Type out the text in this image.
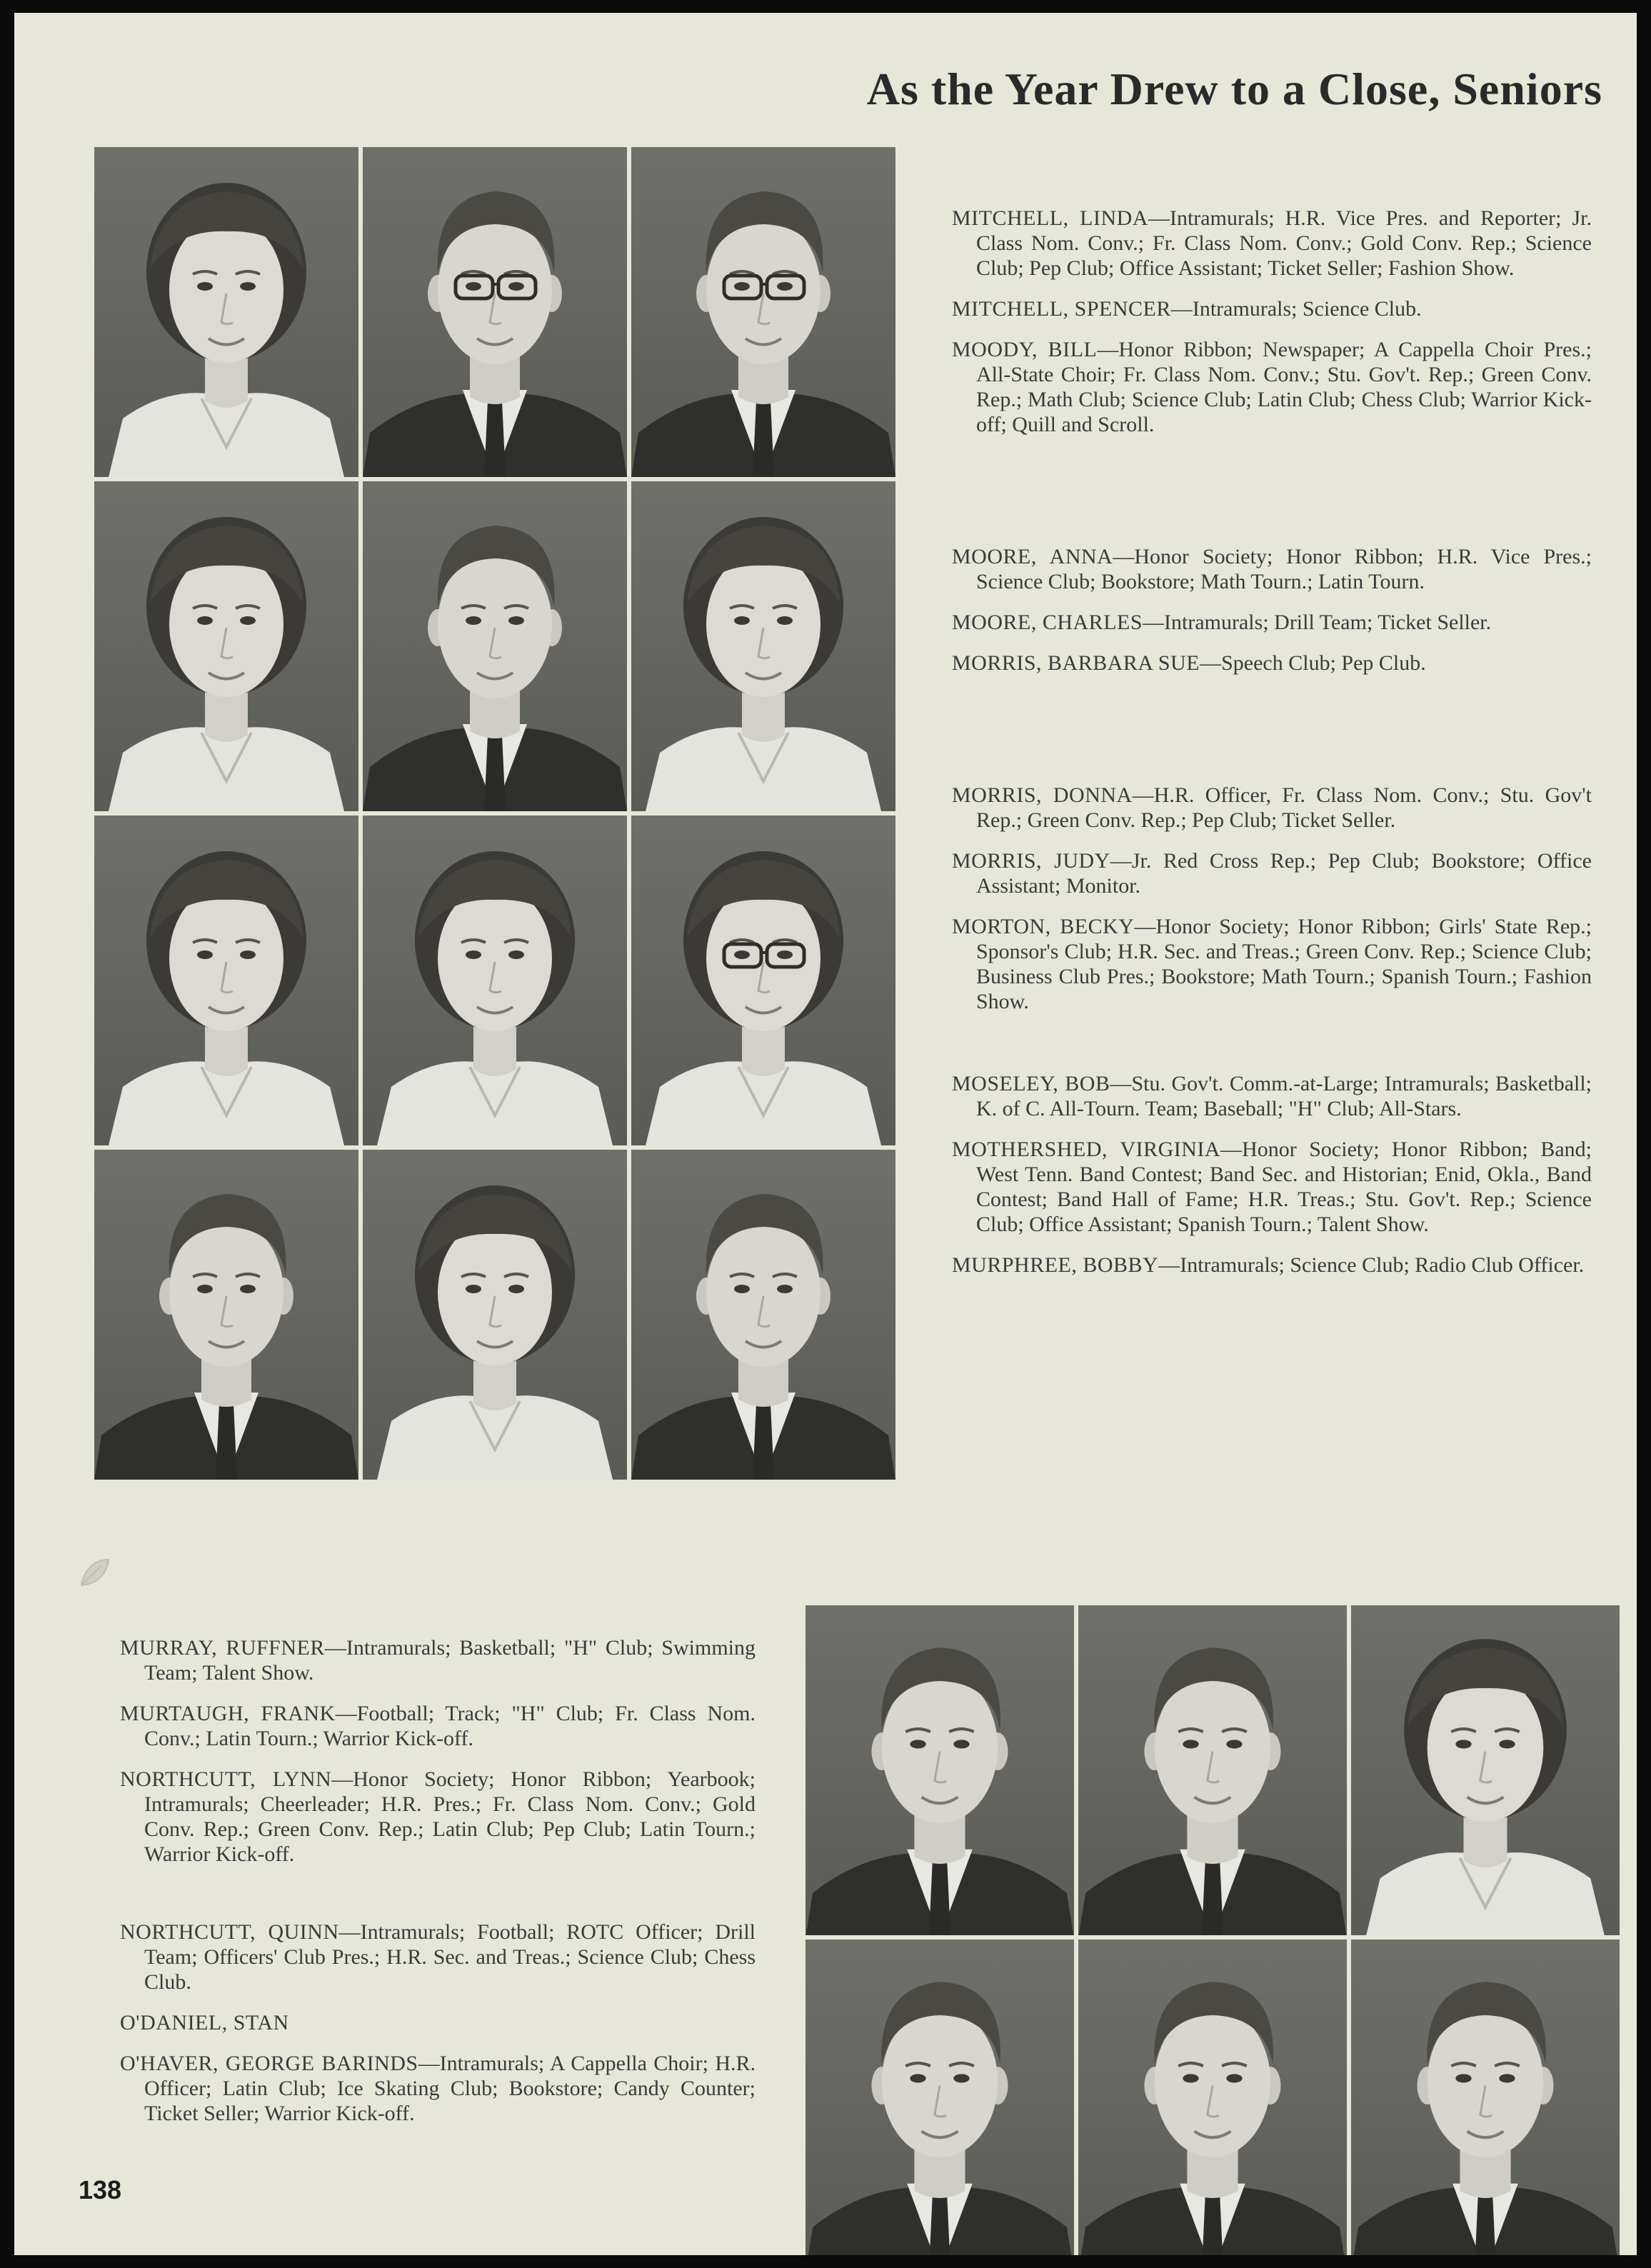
As the Year Drew to a Close, Seniors

MITCHELL, LINDA—Intramurals; H.R. Vice Pres. and Reporter; Jr. Class Nom. Conv.; Fr. Class Nom. Conv.; Gold Conv. Rep.; Science Club; Pep Club; Office Assistant; Ticket Seller; Fashion Show.

MITCHELL, SPENCER—Intramurals; Science Club.

MOODY, BILL—Honor Ribbon; Newspaper; A Cappella Choir Pres.; All-State Choir; Fr. Class Nom. Conv.; Stu. Gov't. Rep.; Green Conv. Rep.; Math Club; Science Club; Latin Club; Chess Club; Warrior Kick-off; Quill and Scroll.

MOORE, ANNA—Honor Society; Honor Ribbon; H.R. Vice Pres.; Science Club; Bookstore; Math Tourn.; Latin Tourn.

MOORE, CHARLES—Intramurals; Drill Team; Ticket Seller.

MORRIS, BARBARA SUE—Speech Club; Pep Club.

MORRIS, DONNA—H.R. Officer, Fr. Class Nom. Conv.; Stu. Gov't Rep.; Green Conv. Rep.; Pep Club; Ticket Seller.

MORRIS, JUDY—Jr. Red Cross Rep.; Pep Club; Bookstore; Office Assistant; Monitor.

MORTON, BECKY—Honor Society; Honor Ribbon; Girls' State Rep.; Sponsor's Club; H.R. Sec. and Treas.; Green Conv. Rep.; Science Club; Business Club Pres.; Bookstore; Math Tourn.; Spanish Tourn.; Fashion Show.

MOSELEY, BOB—Stu. Gov't. Comm.-at-Large; Intramurals; Basketball; K. of C. All-Tourn. Team; Baseball; "H" Club; All-Stars.

MOTHERSHED, VIRGINIA—Honor Society; Honor Ribbon; Band; West Tenn. Band Contest; Band Sec. and Historian; Enid, Okla., Band Contest; Band Hall of Fame; H.R. Treas.; Stu. Gov't. Rep.; Science Club; Office Assistant; Spanish Tourn.; Talent Show.

MURPHREE, BOBBY—Intramurals; Science Club; Radio Club Officer.

MURRAY, RUFFNER—Intramurals; Basketball; "H" Club; Swimming Team; Talent Show.

MURTAUGH, FRANK—Football; Track; "H" Club; Fr. Class Nom. Conv.; Latin Tourn.; Warrior Kick-off.

NORTHCUTT, LYNN—Honor Society; Honor Ribbon; Yearbook; Intramurals; Cheerleader; H.R. Pres.; Fr. Class Nom. Conv.; Gold Conv. Rep.; Green Conv. Rep.; Latin Club; Pep Club; Latin Tourn.; Warrior Kick-off.

NORTHCUTT, QUINN—Intramurals; Football; ROTC Officer; Drill Team; Officers' Club Pres.; H.R. Sec. and Treas.; Science Club; Chess Club.

O'DANIEL, STAN

O'HAVER, GEORGE BARINDS—Intramurals; A Cappella Choir; H.R. Officer; Latin Club; Ice Skating Club; Bookstore; Candy Counter; Ticket Seller; Warrior Kick-off.

138
